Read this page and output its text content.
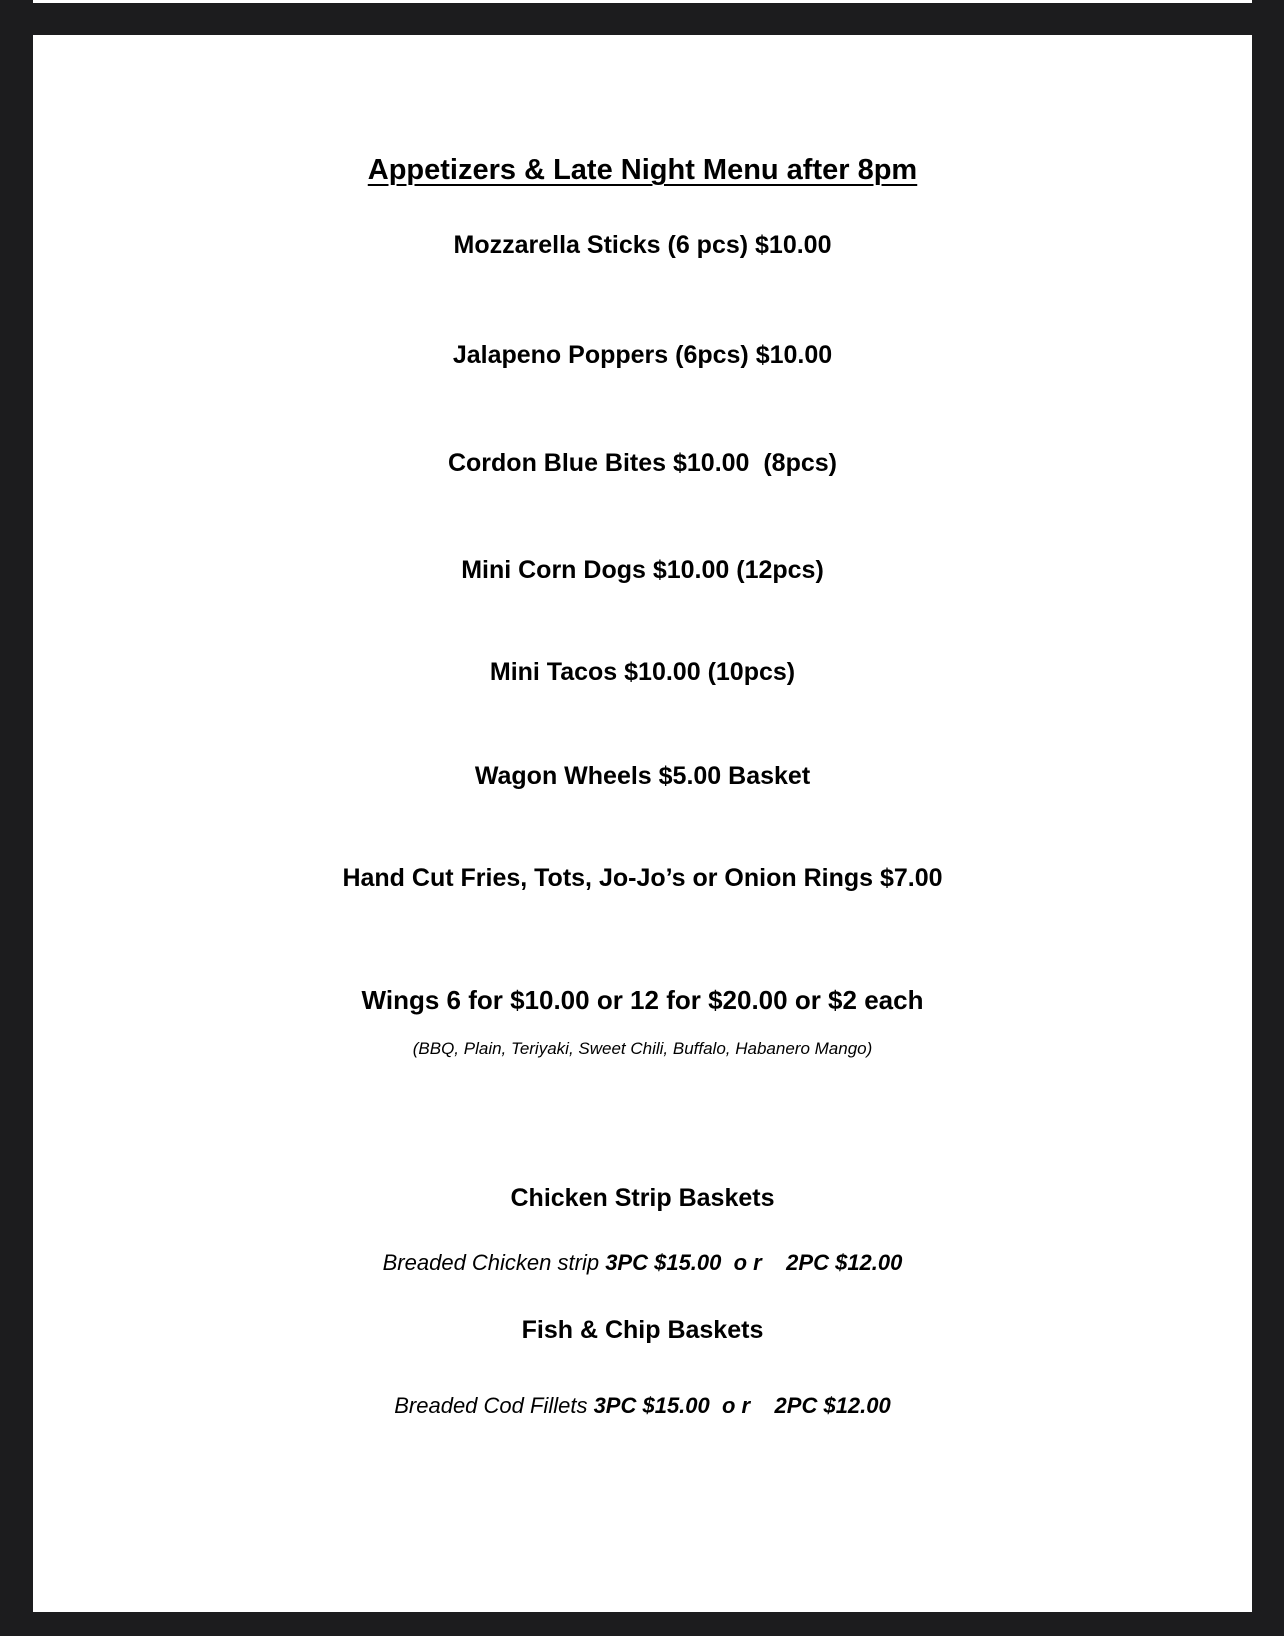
Appetizers & Late Night Menu after 8pm
Mozzarella Sticks (6 pcs) $10.00
Jalapeno Poppers (6pcs) $10.00
Cordon Blue Bites $10.00  (8pcs)
Mini Corn Dogs $10.00 (12pcs)
Mini Tacos $10.00 (10pcs)
Wagon Wheels $5.00 Basket
Hand Cut Fries, Tots, Jo-Jo’s or Onion Rings $7.00
Wings 6 for $10.00 or 12 for $20.00 or $2 each
(BBQ, Plain, Teriyaki, Sweet Chili, Buffalo, Habanero Mango)
Chicken Strip Baskets
Breaded Chicken strip 3PC $15.00  o r    2PC $12.00
Fish & Chip Baskets
Breaded Cod Fillets 3PC $15.00  o r    2PC $12.00
